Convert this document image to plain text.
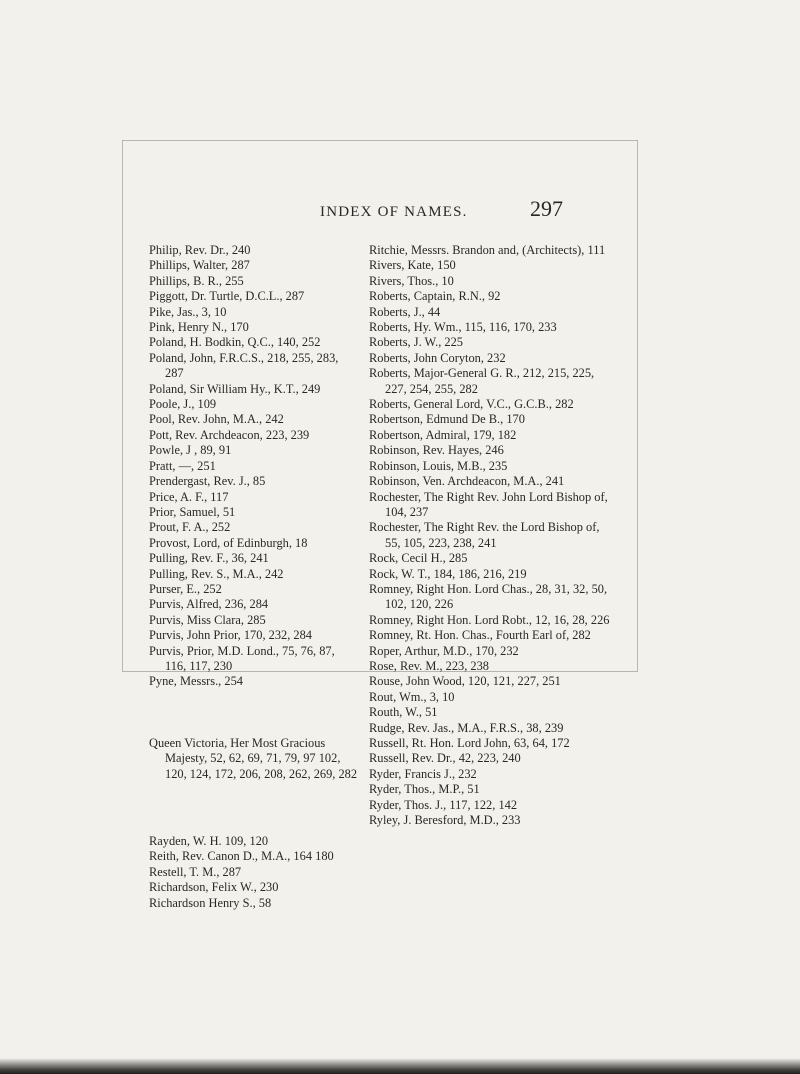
INDEX OF NAMES.	297
Philip, Rev. Dr., 240
Phillips, Walter, 287
Phillips, B. R., 255
Piggott, Dr. Turtle, D.C.L., 287
Pike, Jas., 3, 10
Pink, Henry N., 170
Poland, H. Bodkin, Q.C., 140, 252
Poland, John, F.R.C.S., 218, 255, 283, 287
Poland, Sir William Hy., K.T., 249
Poole, J., 109
Pool, Rev. John, M.A., 242
Pott, Rev. Archdeacon, 223, 239
Powle, J , 89, 91
Pratt, —, 251
Prendergast, Rev. J., 85
Price, A. F., 117
Prior, Samuel, 51
Prout, F. A., 252
Provost, Lord, of Edinburgh, 18
Pulling, Rev. F., 36, 241
Pulling, Rev. S., M.A., 242
Purser, E., 252
Purvis, Alfred, 236, 284
Purvis, Miss Clara, 285
Purvis, John Prior, 170, 232, 284
Purvis, Prior, M.D. Lond., 75, 76, 87, 116, 117, 230
Pyne, Messrs., 254
Queen Victoria, Her Most Gracious Majesty, 52, 62, 69, 71, 79, 97 102, 120, 124, 172, 206, 208, 262, 269, 282
Rayden, W. H. 109, 120
Reith, Rev. Canon D., M.A., 164 180
Restell, T. M., 287
Richardson, Felix W., 230
Richardson Henry S., 58
Ritchie, Messrs. Brandon and, (Architects), 111
Rivers, Kate, 150
Rivers, Thos., 10
Roberts, Captain, R.N., 92
Roberts, J., 44
Roberts, Hy. Wm., 115, 116, 170, 233
Roberts, J. W., 225
Roberts, John Coryton, 232
Roberts, Major-General G. R., 212, 215, 225, 227, 254, 255, 282
Roberts, General Lord, V.C., G.C.B., 282
Robertson, Edmund De B., 170
Robertson, Admiral, 179, 182
Robinson, Rev. Hayes, 246
Robinson, Louis, M.B., 235
Robinson, Ven. Archdeacon, M.A., 241
Rochester, The Right Rev. John Lord Bishop of, 104, 237
Rochester, The Right Rev. the Lord Bishop of, 55, 105, 223, 238, 241
Rock, Cecil H., 285
Rock, W. T., 184, 186, 216, 219
Romney, Right Hon. Lord Chas., 28, 31, 32, 50, 102, 120, 226
Romney, Right Hon. Lord Robt., 12, 16, 28, 226
Romney, Rt. Hon. Chas., Fourth Earl of, 282
Roper, Arthur, M.D., 170, 232
Rose, Rev. M., 223, 238
Rouse, John Wood, 120, 121, 227, 251
Rout, Wm., 3, 10
Routh, W., 51
Rudge, Rev. Jas., M.A., F.R.S., 38, 239
Russell, Rt. Hon. Lord John, 63, 64, 172
Russell, Rev. Dr., 42, 223, 240
Ryder, Francis J., 232
Ryder, Thos., M.P., 51
Ryder, Thos. J., 117, 122, 142
Ryley, J. Beresford, M.D., 233
